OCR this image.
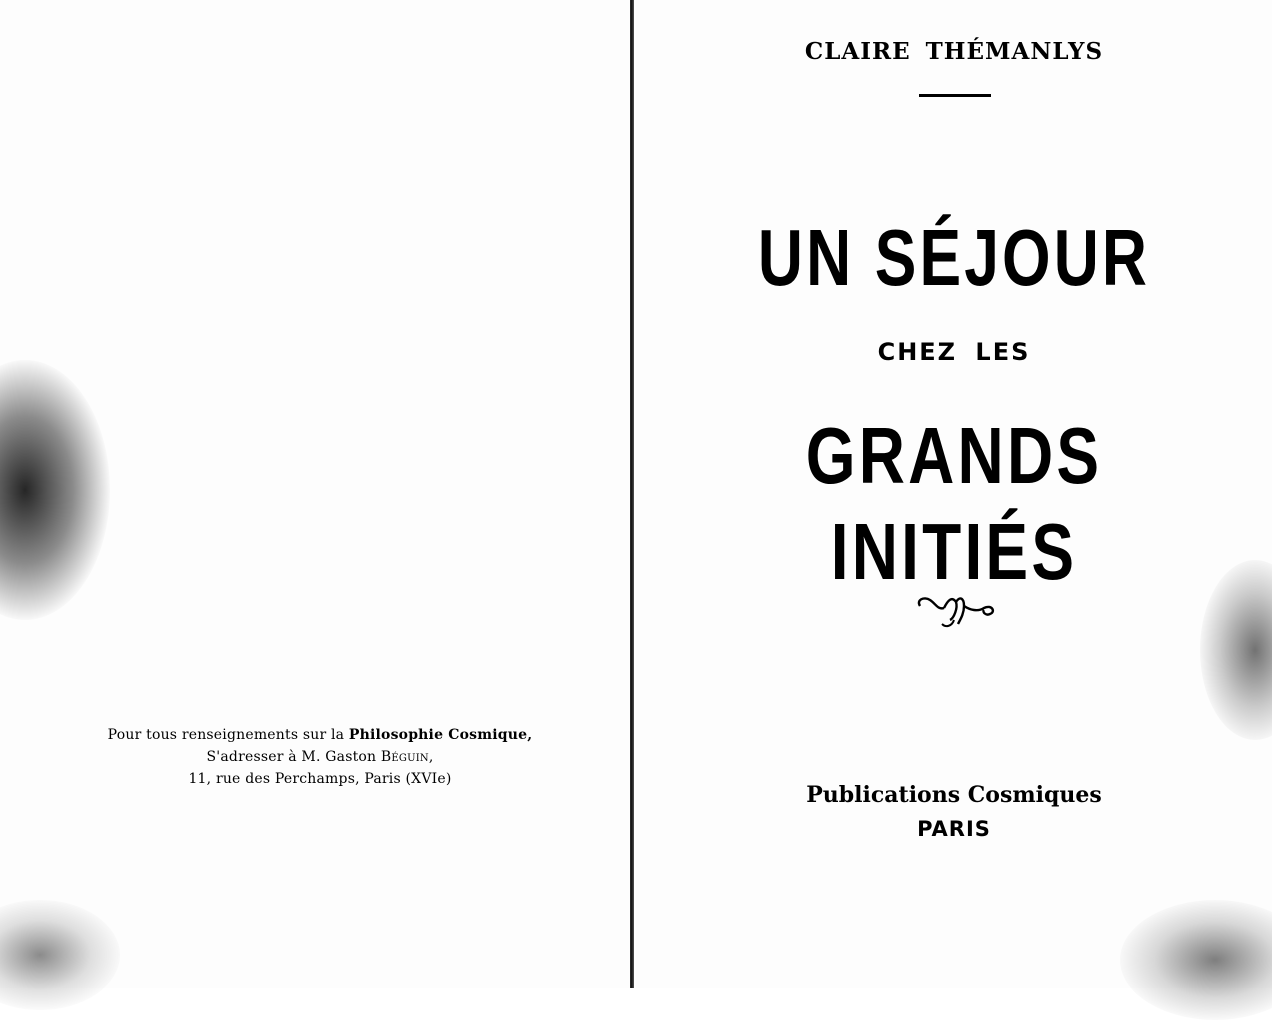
Pour tous renseignements sur la Philosophie Cosmique,
S'adresser à M. Gaston Béguin,
11, rue des Perchamps, Paris (XVIe)
CLAIRE THÉMANLYS
UN SÉJOUR
CHEZ LES
GRANDS INITIÉS
Publications Cosmiques
PARIS
